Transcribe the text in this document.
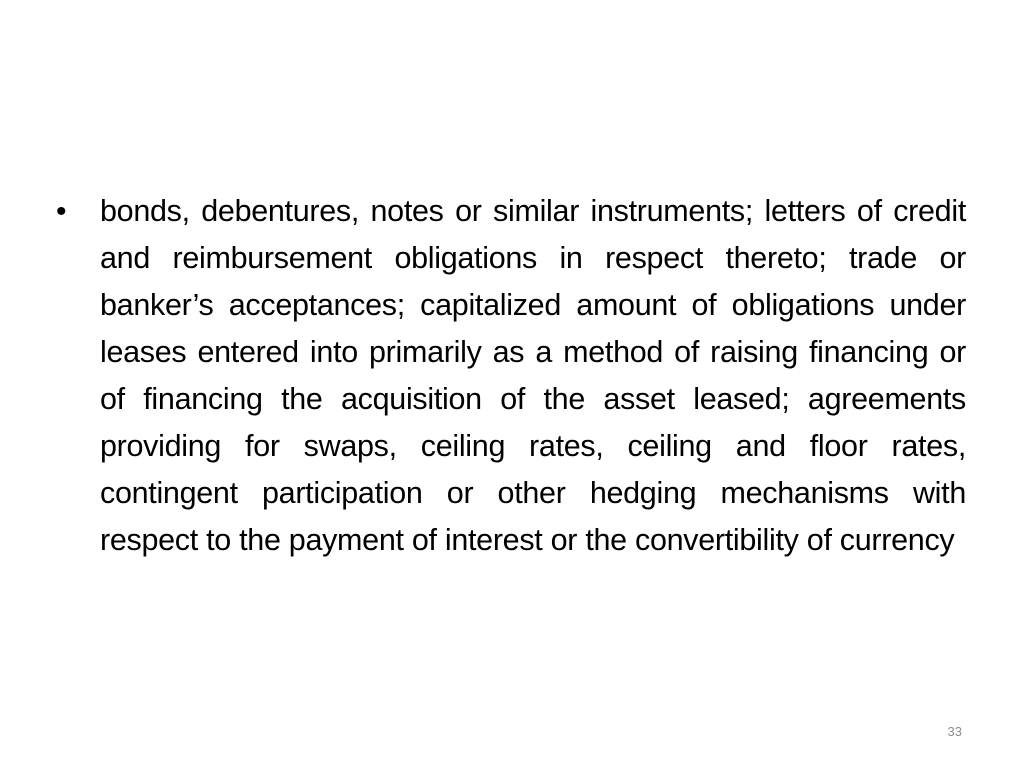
•	bonds, debentures, notes or similar instruments; letters of credit and reimbursement obligations in respect thereto; trade or banker’s acceptances; capitalized amount of obligations under leases entered into primarily as a method of raising financing or of financing the acquisition of the asset leased; agreements providing for swaps, ceiling rates, ceiling and floor rates, contingent participation or other hedging mechanisms with respect to the payment of interest or the convertibility of currency
33
